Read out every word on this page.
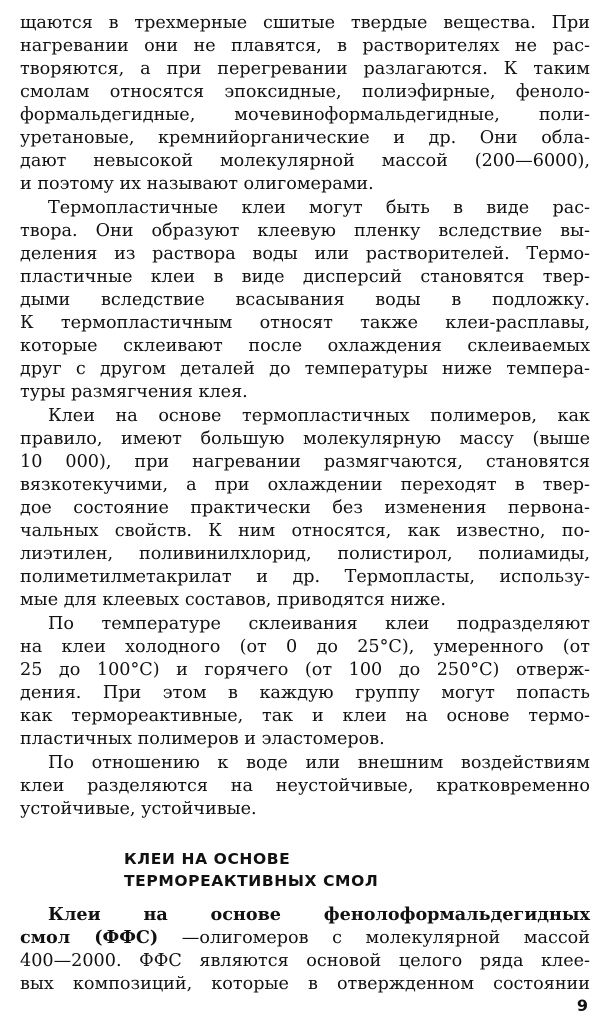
щаются в трехмерные сшитые твердые вещества. При
нагревании они не плавятся, в растворителях не рас-
творяются, а при перегревании разлагаются. К таким
смолам относятся эпоксидные, полиэфирные, феноло-
формальдегидные, мочевиноформальдегидные, поли-
уретановые, кремнийорганические и др. Они обла-
дают невысокой молекулярной массой (200—6000),
и поэтому их называют олигомерами.
Термопластичные клеи могут быть в виде рас-
твора. Они образуют клеевую пленку вследствие вы-
деления из раствора воды или растворителей. Термо-
пластичные клеи в виде дисперсий становятся твер-
дыми вследствие всасывания воды в подложку.
К термопластичным относят также клеи-расплавы,
которые склеивают после охлаждения склеиваемых
друг с другом деталей до температуры ниже темпера-
туры размягчения клея.
Клеи на основе термопластичных полимеров, как
правило, имеют большую молекулярную массу (выше
10 000), при нагревании размягчаются, становятся
вязкотекучими, а при охлаждении переходят в твер-
дое состояние практически без изменения первона-
чальных свойств. К ним относятся, как известно, по-
лиэтилен, поливинилхлорид, полистирол, полиамиды,
полиметилметакрилат и др. Термопласты, использу-
мые для клеевых составов, приводятся ниже.
По температуре склеивания клеи подразделяют
на клеи холодного (от 0 до 25°С), умеренного (от
25 до 100°С) и горячего (от 100 до 250°С) отверж-
дения. При этом в каждую группу могут попасть
как термореактивные, так и клеи на основе термо-
пластичных полимеров и эластомеров.
По отношению к воде или внешним воздействиям
клеи разделяются на неустойчивые, кратковременно
устойчивые, устойчивые.
КЛЕИ НА ОСНОВЕ
ТЕРМОРЕАКТИВНЫХ СМОЛ
Клеи на основе фенолоформальдегидных
смол (ФФС) —олигомеров с молекулярной массой
400—2000. ФФС являются основой целого ряда клее-
вых композиций, которые в отвержденном состоянии
9
